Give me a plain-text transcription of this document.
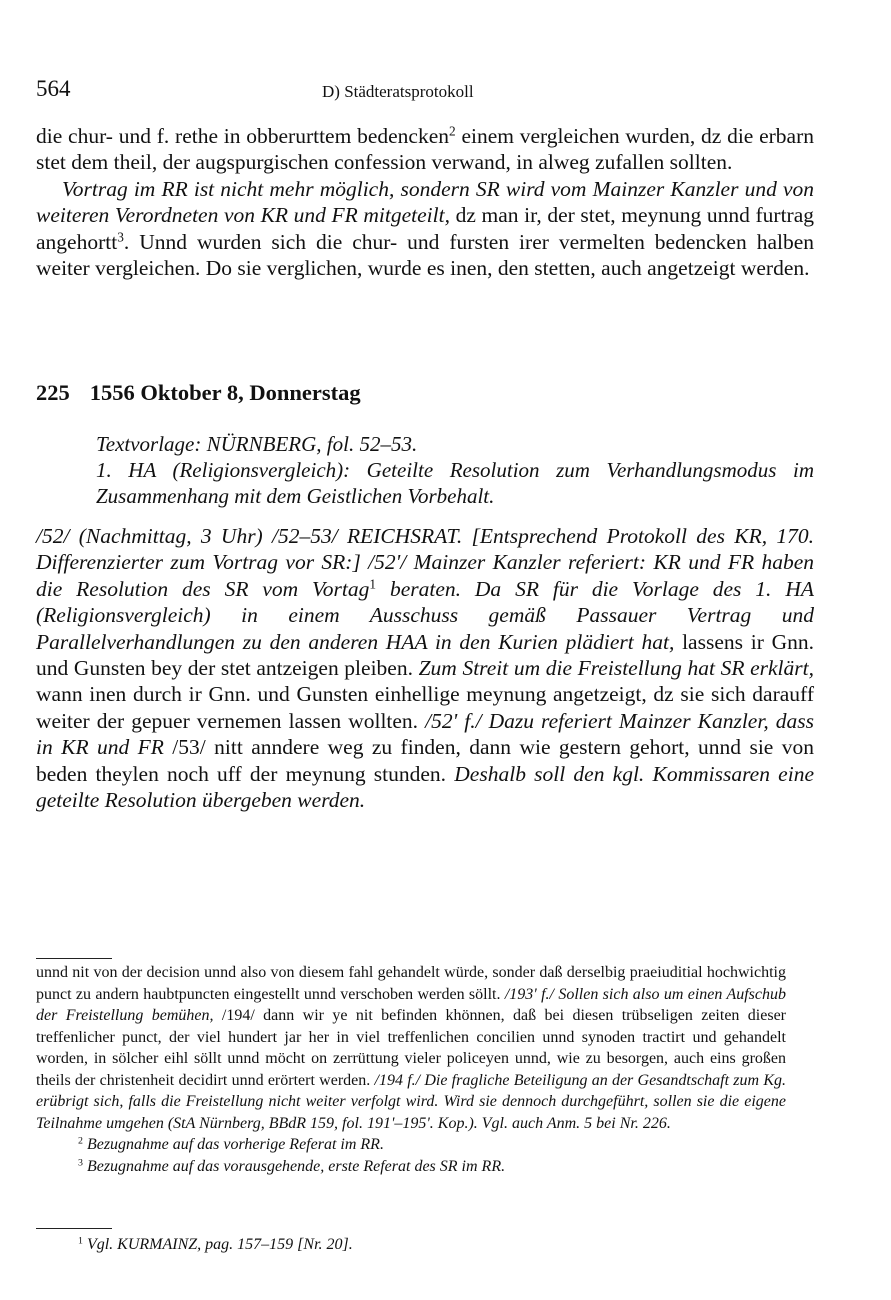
564	D) Städteratsprotokoll

die chur- und f. rethe in obberurttem bedencken$^2$ einem vergleichen wurden, dz die erbarn stet dem theil, der augspurgischen confession verwand, in alweg zufallen sollten.

Vortrag im RR ist nicht mehr möglich, sondern SR wird vom Mainzer Kanzler und von weiteren Verordneten von KR und FR mitgeteilt, dz man ir, der stet, meynung unnd furtrag angehortt$^3$. Unnd wurden sich die chur- und fursten irer vermelten bedencken halben weiter vergleichen. Do sie verglichen, wurde es inen, den stetten, auch angetzeigt werden.

225 1556 Oktober 8, Donnerstag

Textvorlage: NÜRNBERG, fol. 52–53.

1. HA (Religionsvergleich): Geteilte Resolution zum Verhandlungsmodus im Zusammenhang mit dem Geistlichen Vorbehalt.

/52/ (Nachmittag, 3 Uhr) /52–53/ REICHSRAT. [Entsprechend Protokoll des KR, 170. Differenzierter zum Vortrag vor SR:] /52'/ Mainzer Kanzler referiert: KR und FR haben die Resolution des SR vom Vortag$^1$ beraten. Da SR für die Vorlage des 1. HA (Religionsvergleich) in einem Ausschuss gemäß Passauer Vertrag und Parallelverhandlungen zu den anderen HAA in den Kurien plädiert hat, lassens ir Gnn. und Gunsten bey der stet antzeigen pleiben. Zum Streit um die Freistellung hat SR erklärt, wann inen durch ir Gnn. und Gunsten einhellige meynung angetzeigt, dz sie sich darauff weiter der gepuer vernemen lassen wollten. /52' f./ Dazu referiert Mainzer Kanzler, dass in KR und FR /53/ nitt anndere weg zu finden, dann wie gestern gehort, unnd sie von beden theylen noch uff der meynung stunden. Deshalb soll den kgl. Kommissaren eine geteilte Resolution übergeben werden.

unnd nit von der decision unnd also von diesem fahl gehandelt würde, sonder daß derselbig praeiuditial hochwichtig punct zu andern haubtpuncten eingestellt unnd verschoben werden söllt. /193' f./ Sollen sich also um einen Aufschub der Freistellung bemühen, /194/ dann wir ye nit befinden khönnen, daß bei diesen trübseligen zeiten dieser treffenlicher punct, der viel hundert jar her in viel treffenlichen concilien unnd synoden tractirt und gehandelt worden, in sölcher eihl söllt unnd möcht on zerrüttung vieler policeyen unnd, wie zu besorgen, auch eins großen theils der christenheit decidirt unnd erörtert werden. /194 f./ Die fragliche Beteiligung an der Gesandtschaft zum Kg. erübrigt sich, falls die Freistellung nicht weiter verfolgt wird. Wird sie dennoch durchgeführt, sollen sie die eigene Teilnahme umgehen (StA Nürnberg, BBdR 159, fol. 191'–195'. Kop.). Vgl. auch Anm. 5 bei Nr. 226.

$^2$ Bezugnahme auf das vorherige Referat im RR.

$^3$ Bezugnahme auf das vorausgehende, erste Referat des SR im RR.

$^1$ Vgl. KURMAINZ, pag. 157–159 [Nr. 20].
